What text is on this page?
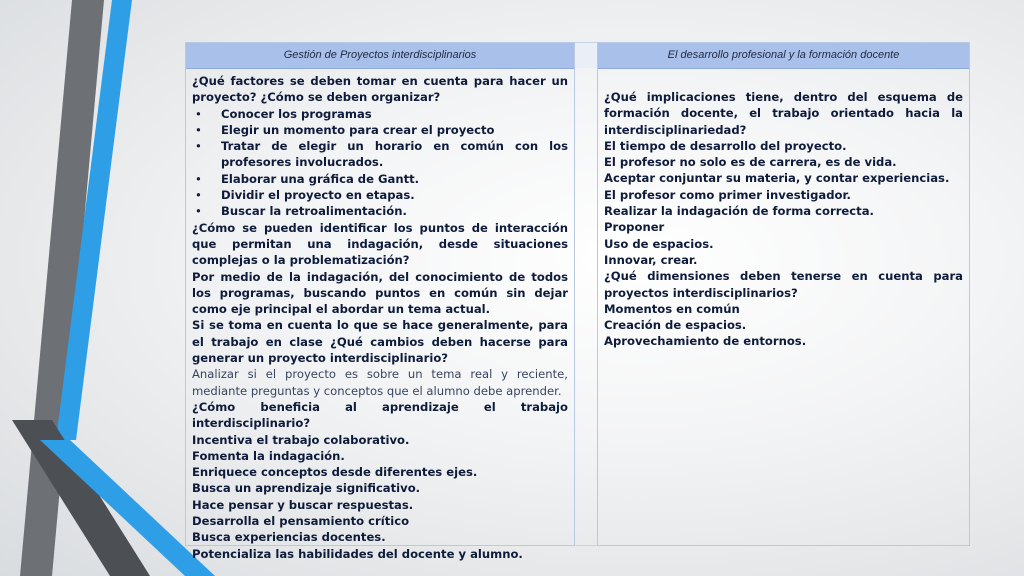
Gestión de Proyectos interdisciplinarios

¿Qué factores se deben tomar en cuenta para hacer un proyecto? ¿Cómo se deben organizar?

• Conocer los programas
• Elegir un momento para crear el proyecto
• Tratar de elegir un horario en común con los profesores involucrados.
• Elaborar una gráfica de Gantt.
• Dividir el proyecto en etapas.
• Buscar la retroalimentación.

¿Cómo se pueden identificar los puntos de interacción que permitan una indagación, desde situaciones complejas o la problematización?

Por medio de la indagación, del conocimiento de todos los programas, buscando puntos en común sin dejar como eje principal el abordar un tema actual.

Si se toma en cuenta lo que se hace generalmente, para el trabajo en clase ¿Qué cambios deben hacerse para generar un proyecto interdisciplinario?

Analizar si el proyecto es sobre un tema real y reciente, mediante preguntas y conceptos que el alumno debe aprender.

¿Cómo beneficia al aprendizaje el trabajo interdisciplinario?

Incentiva el trabajo colaborativo.

Fomenta la indagación.

Enriquece conceptos desde diferentes ejes.

Busca un aprendizaje significativo.

Hace pensar y buscar respuestas.

Desarrolla el pensamiento crítico

Busca experiencias docentes.

Potencializa las habilidades del docente y alumno.

El desarrollo profesional y la formación docente

¿Qué implicaciones tiene, dentro del esquema de formación docente, el trabajo orientado hacia la interdisciplinariedad?

El tiempo de desarrollo del proyecto.

El profesor no solo es de carrera, es de vida.

Aceptar conjuntar su materia, y contar experiencias.

El profesor como primer investigador.

Realizar la indagación de forma correcta.

Proponer

Uso de espacios.

Innovar, crear.

¿Qué dimensiones deben tenerse en cuenta para proyectos interdisciplinarios?

Momentos en común

Creación de espacios.

Aprovechamiento de entornos.
